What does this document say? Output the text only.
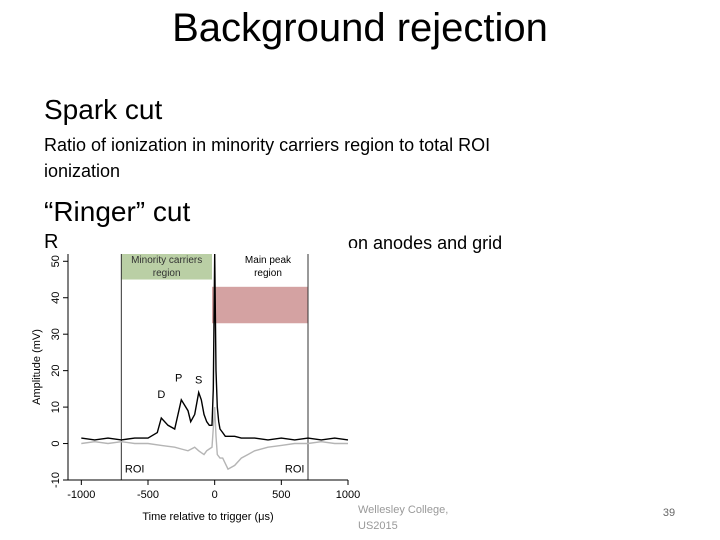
Background rejection
Spark cut
Ratio of ionization in minority carriers region to total ROI
ionization
“Ringer” cut
R	on anodes and grid
Minority carriers
region
Main peak
region
P S
D
ROI	ROI
-1000	-500	0	500	1000
-10
0
10
20
30
40
50
Time relative to trigger (μs)
Amplitude (mV)
Wellesley College,
US2015
39
